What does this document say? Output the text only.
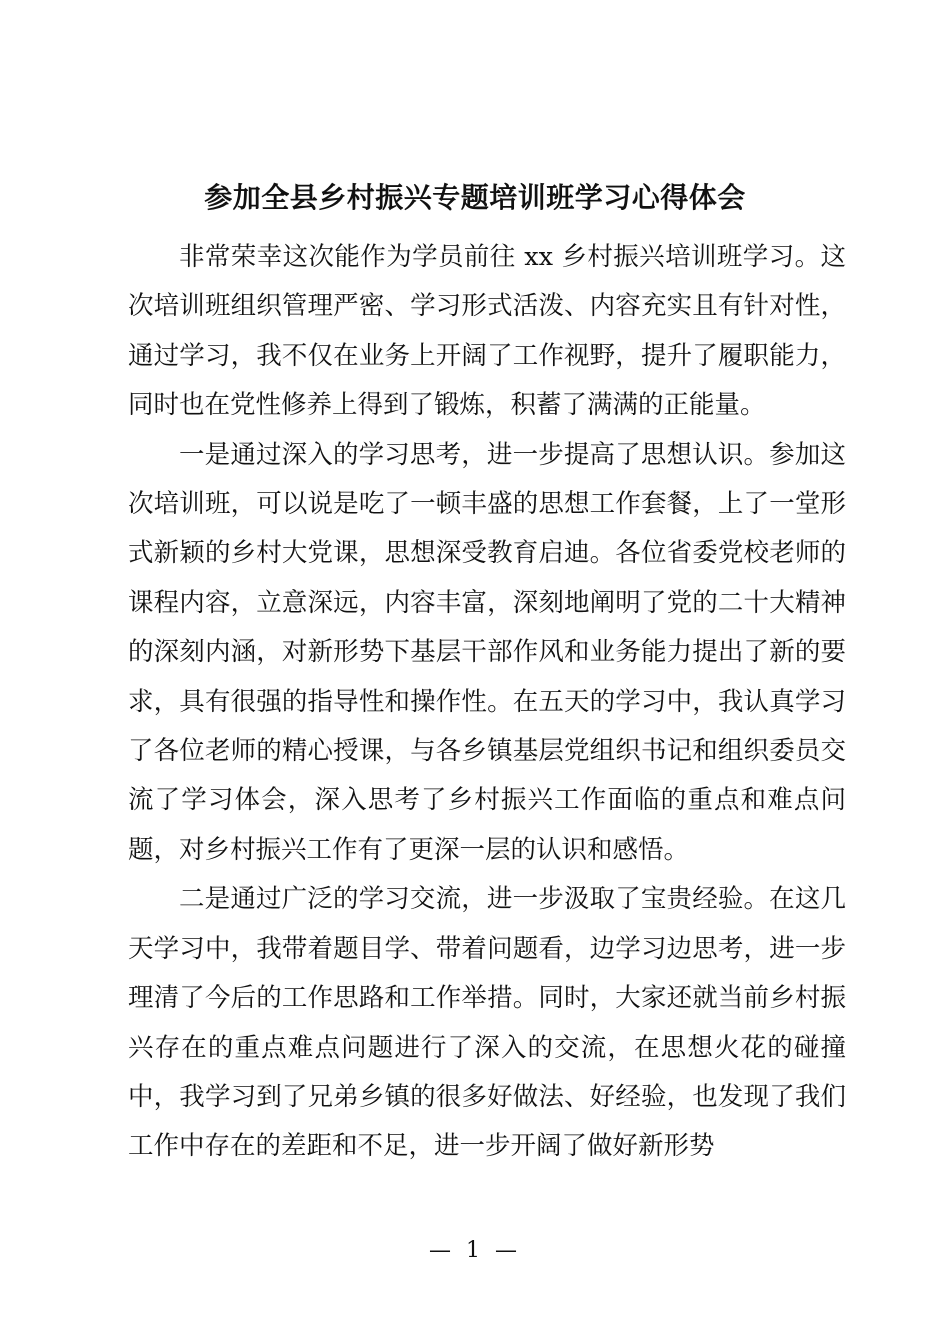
参加全县乡村振兴专题培训班学习心得体会

非常荣幸这次能作为学员前往 xx 乡村振兴培训班学习。这次培训班组织管理严密、学习形式活泼、内容充实且有针对性，通过学习，我不仅在业务上开阔了工作视野，提升了履职能力，同时也在党性修养上得到了锻炼，积蓄了满满的正能量。

一是通过深入的学习思考，进一步提高了思想认识。参加这次培训班，可以说是吃了一顿丰盛的思想工作套餐，上了一堂形式新颖的乡村大党课，思想深受教育启迪。各位省委党校老师的课程内容，立意深远，内容丰富，深刻地阐明了党的二十大精神的深刻内涵，对新形势下基层干部作风和业务能力提出了新的要求，具有很强的指导性和操作性。在五天的学习中，我认真学习了各位老师的精心授课，与各乡镇基层党组织书记和组织委员交流了学习体会，深入思考了乡村振兴工作面临的重点和难点问题，对乡村振兴工作有了更深一层的认识和感悟。

二是通过广泛的学习交流，进一步汲取了宝贵经验。在这几天学习中，我带着题目学、带着问题看，边学习边思考，进一步理清了今后的工作思路和工作举措。同时，大家还就当前乡村振兴存在的重点难点问题进行了深入的交流，在思想火花的碰撞中，我学习到了兄弟乡镇的很多好做法、好经验，也发现了我们工作中存在的差距和不足，进一步开阔了做好新形势

— 1 —
